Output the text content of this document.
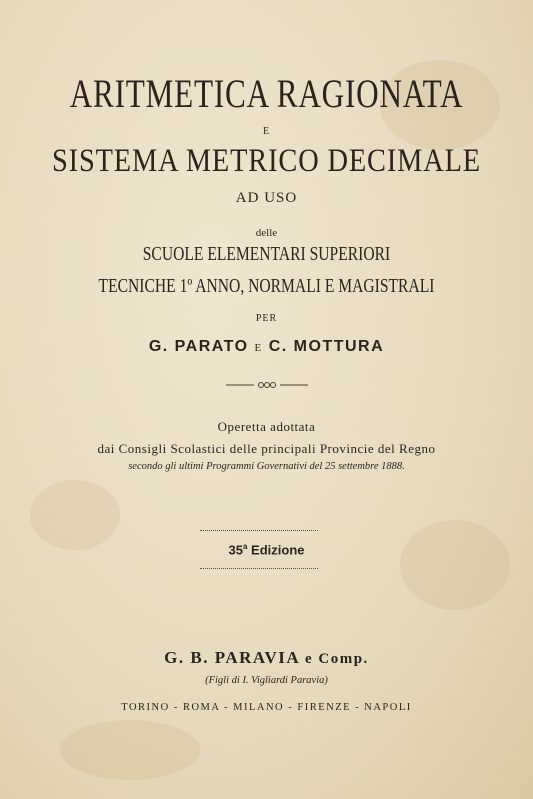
ARITMETICA RAGIONATA
E
SISTEMA METRICO DECIMALE
AD USO
delle
SCUOLE ELEMENTARI SUPERIORI
TECNICHE 1º ANNO, NORMALI E MAGISTRALI
PER
G. PARATO E C. MOTTURA
Operetta adottata
dai Consigli Scolastici delle principali Provincie del Regno
secondo gli ultimi Programmi Governativi del 25 settembre 1888.
35$^a$ Edizione
G. B. PARAVIA e Comp.
(Figli di I. Vigliardi Paravia)
TORINO - ROMA - MILANO - FIRENZE - NAPOLI
